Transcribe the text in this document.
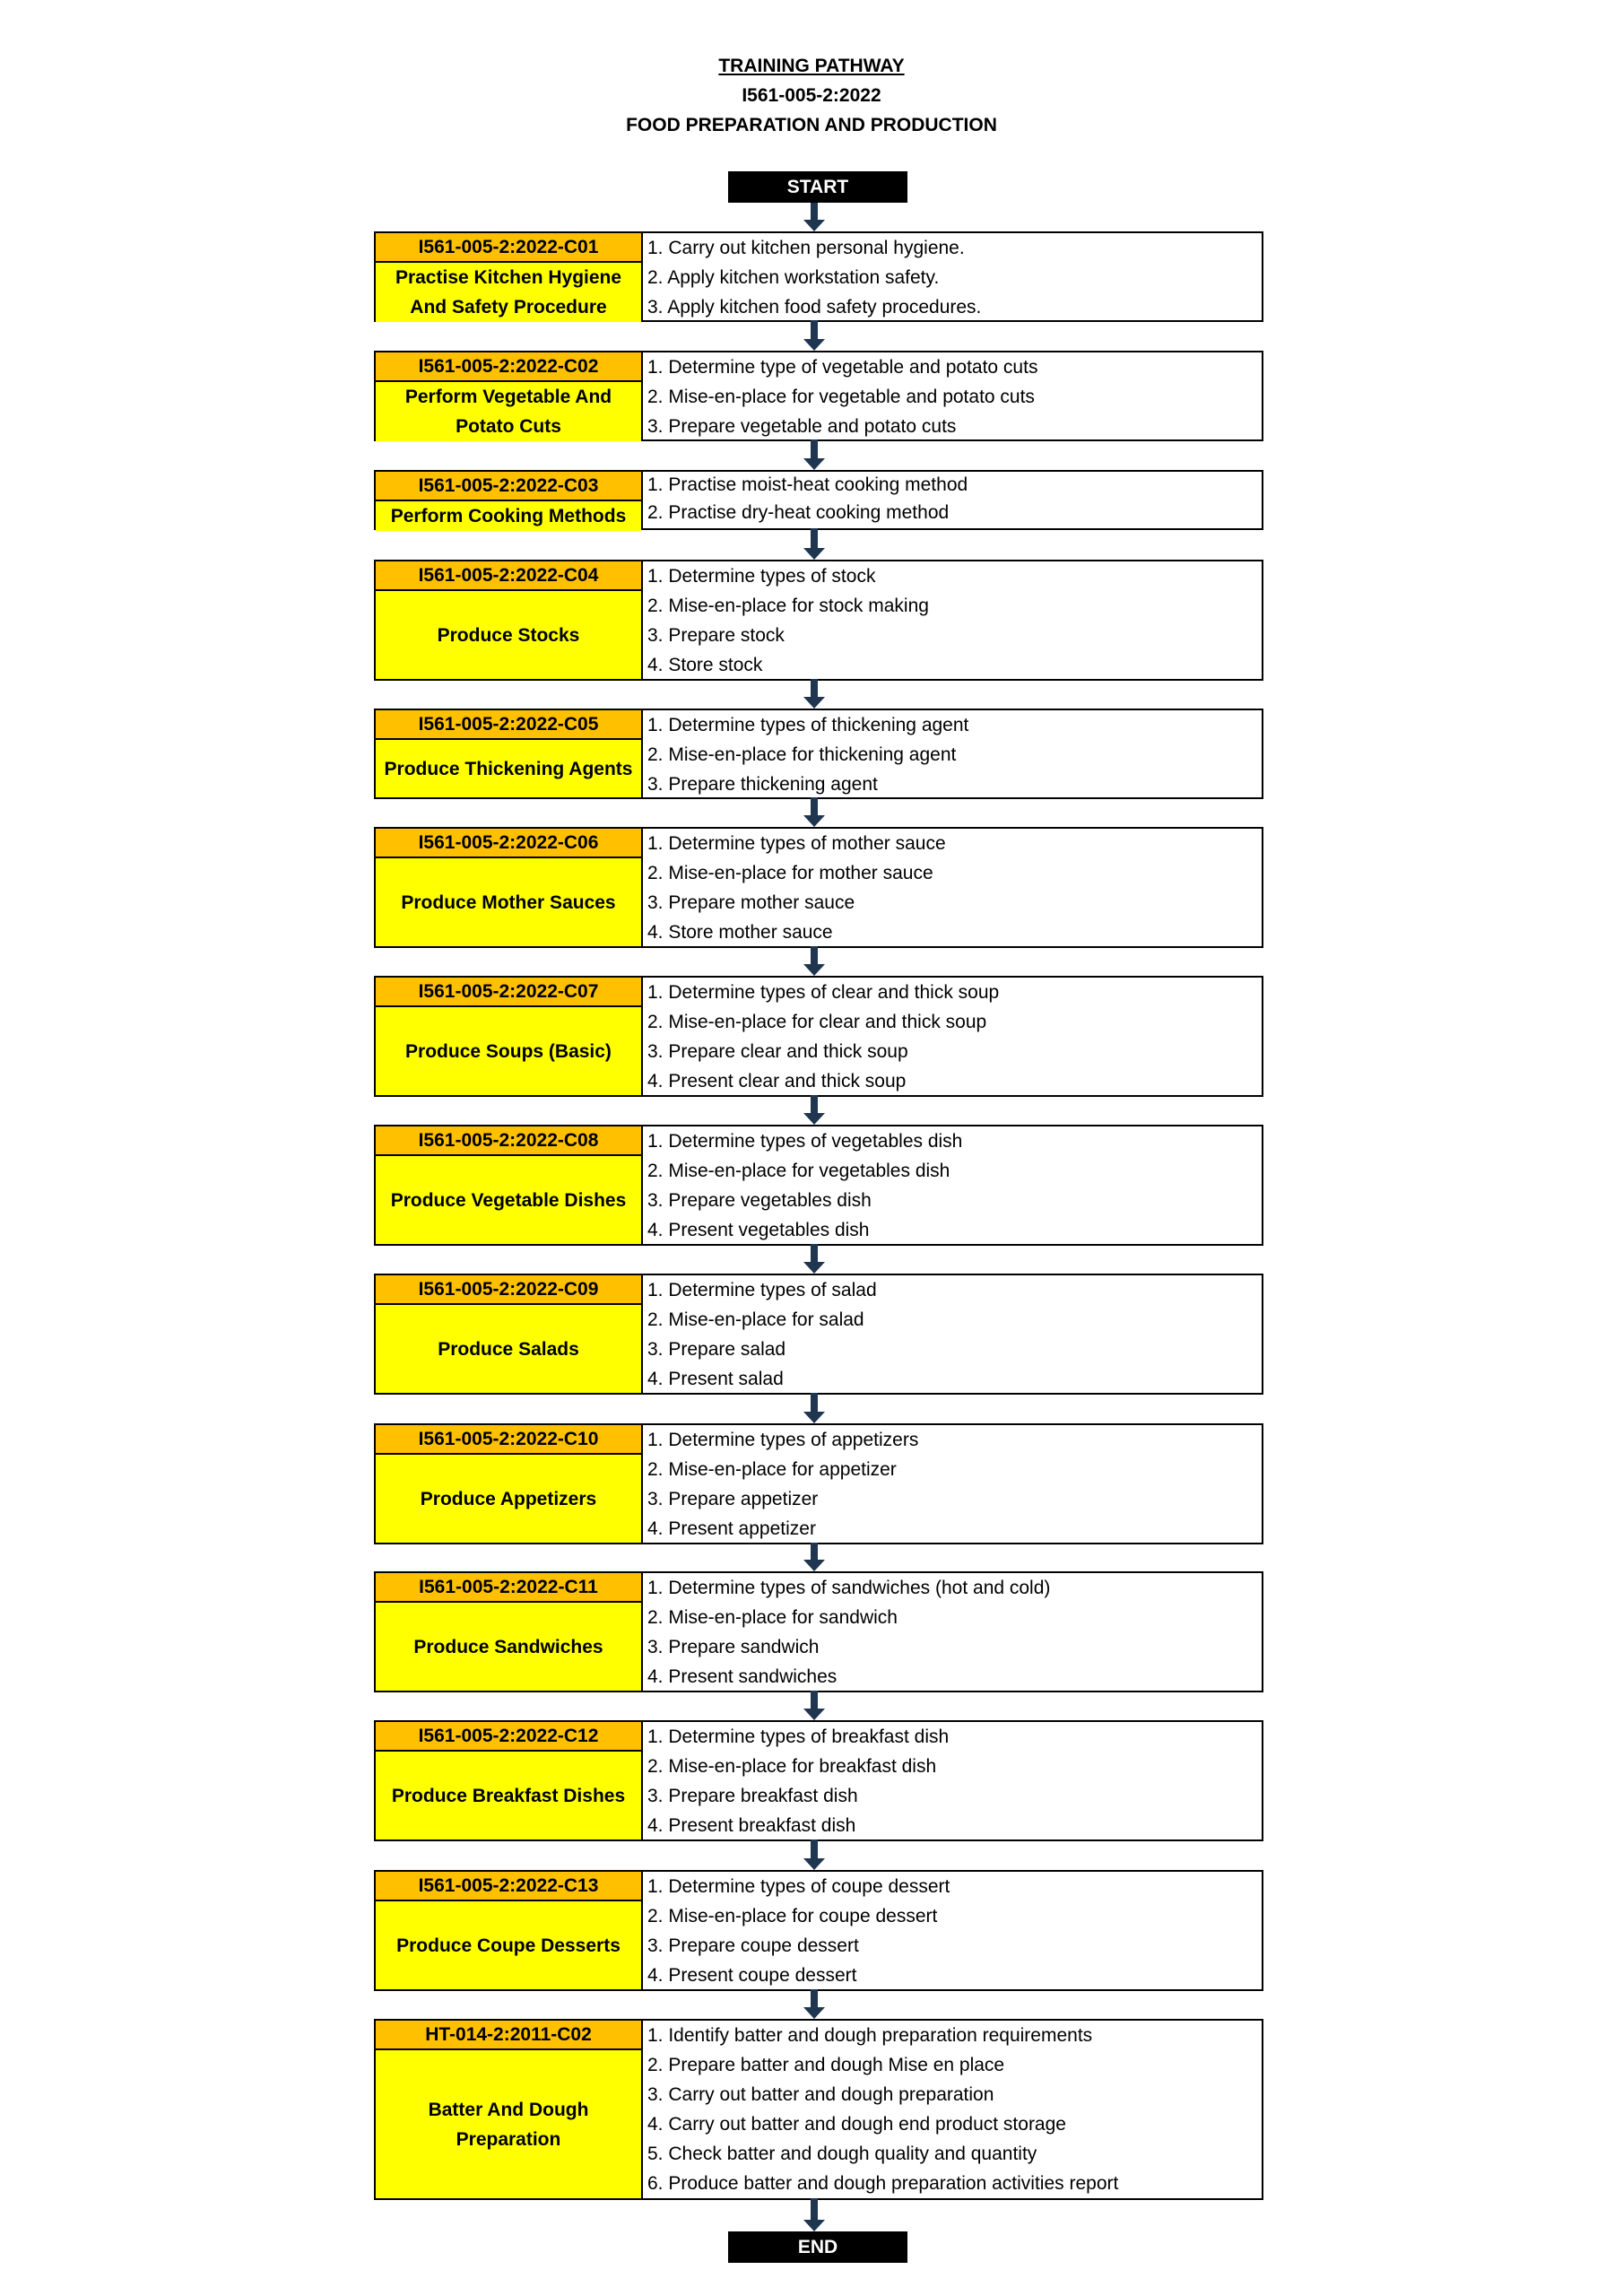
TRAINING PATHWAY
I561-005-2:2022
FOOD PREPARATION AND PRODUCTION
START
I561-005-2:2022-C01
Practise Kitchen Hygiene And Safety Procedure
1. Carry out kitchen personal hygiene.
2. Apply kitchen workstation safety.
3. Apply kitchen food safety procedures.
I561-005-2:2022-C02
Perform Vegetable And Potato Cuts
1. Determine type of vegetable and potato cuts
2. Mise-en-place for vegetable and potato cuts
3. Prepare vegetable and potato cuts
I561-005-2:2022-C03
Perform Cooking Methods
1. Practise moist-heat cooking method
2. Practise dry-heat cooking method
I561-005-2:2022-C04
Produce Stocks
1. Determine types of stock
2. Mise-en-place for stock making
3. Prepare stock
4. Store stock
I561-005-2:2022-C05
Produce Thickening Agents
1. Determine types of thickening agent
2. Mise-en-place for thickening agent
3. Prepare thickening agent
I561-005-2:2022-C06
Produce Mother Sauces
1. Determine types of mother sauce
2. Mise-en-place for mother sauce
3. Prepare mother sauce
4. Store mother sauce
I561-005-2:2022-C07
Produce Soups (Basic)
1. Determine types of clear and thick soup
2. Mise-en-place for clear and thick soup
3. Prepare clear and thick soup
4. Present clear and thick soup
I561-005-2:2022-C08
Produce Vegetable Dishes
1. Determine types of vegetables dish
2. Mise-en-place for vegetables dish
3. Prepare vegetables dish
4. Present vegetables dish
I561-005-2:2022-C09
Produce Salads
1. Determine types of salad
2. Mise-en-place for salad
3. Prepare salad
4. Present salad
I561-005-2:2022-C10
Produce Appetizers
1. Determine types of appetizers
2. Mise-en-place for appetizer
3. Prepare appetizer
4. Present appetizer
I561-005-2:2022-C11
Produce Sandwiches
1. Determine types of sandwiches (hot and cold)
2. Mise-en-place for sandwich
3. Prepare sandwich
4. Present sandwiches
I561-005-2:2022-C12
Produce Breakfast Dishes
1. Determine types of breakfast dish
2. Mise-en-place for breakfast dish
3. Prepare breakfast dish
4. Present breakfast dish
I561-005-2:2022-C13
Produce Coupe Desserts
1. Determine types of coupe dessert
2. Mise-en-place for coupe dessert
3. Prepare coupe dessert
4. Present coupe dessert
HT-014-2:2011-C02
Batter And Dough Preparation
1. Identify batter and dough preparation requirements
2. Prepare batter and dough Mise en place
3. Carry out batter and dough preparation
4. Carry out batter and dough end product storage
5. Check batter and dough quality and quantity
6. Produce batter and dough preparation activities report
END
